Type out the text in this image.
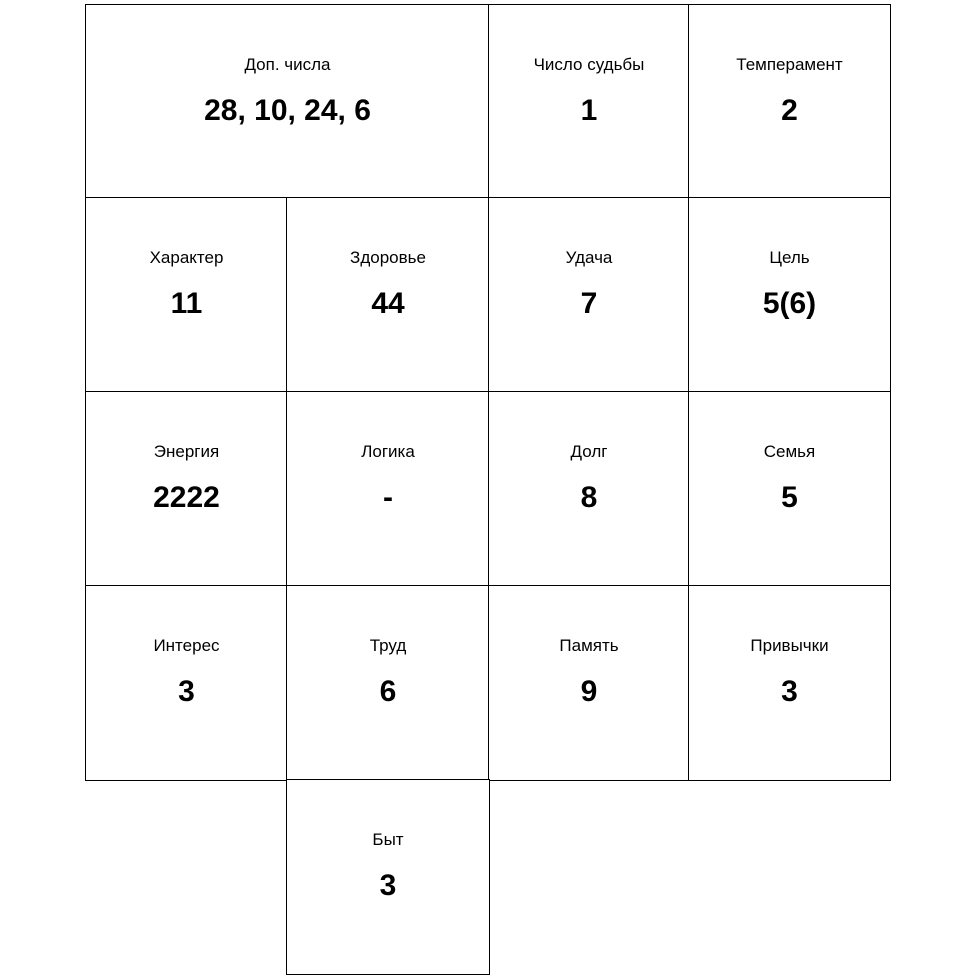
Доп. числа
28, 10, 24, 6
Число судьбы
1
Темперамент
2
Характер
11
Здоровье
44
Удача
7
Цель
5(6)
Энергия
2222
Логика
-
Долг
8
Семья
5
Интерес
3
Труд
6
Память
9
Привычки
3
Быт
3
